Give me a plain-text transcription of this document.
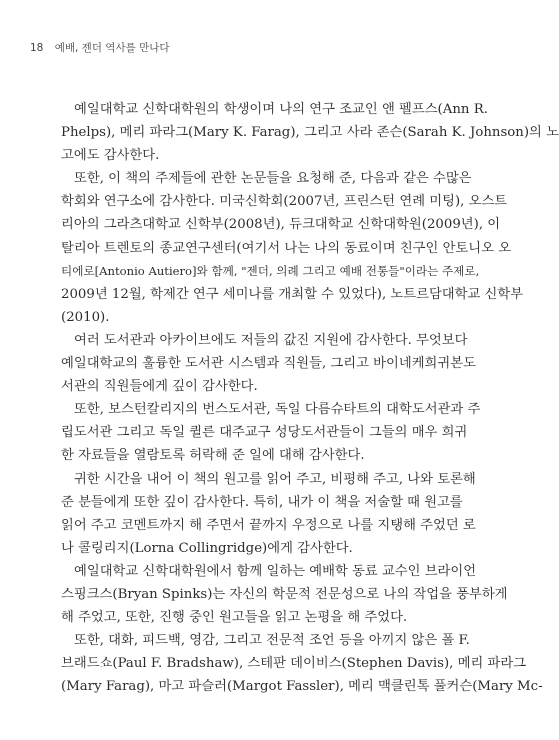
18 예배, 젠더 역사를 만나다
예일대학교 신학대학원의 학생이며 나의 연구 조교인 앤 펠프스(Ann R.
Phelps), 메리 파라그(Mary K. Farag), 그리고 사라 존슨(Sarah K. Johnson)의 노
고에도 감사한다.
또한, 이 책의 주제들에 관한 논문들을 요청해 준, 다음과 같은 수많은
학회와 연구소에 감사한다. 미국신학회(2007년, 프린스턴 연례 미팅), 오스트
리아의 그라츠대학교 신학부(2008년), 듀크대학교 신학대학원(2009년), 이
탈리아 트렌토의 종교연구센터(여기서 나는 나의 동료이며 친구인 안토니오 오
티에로[Antonio Autiero]와 함께, "젠더, 의례 그리고 예배 전통들"이라는 주제로,
2009년 12월, 학제간 연구 세미나를 개최할 수 있었다), 노트르담대학교 신학부
(2010).
여러 도서관과 아카이브에도 저들의 값진 지원에 감사한다. 무엇보다
예일대학교의 훌륭한 도서관 시스템과 직원들, 그리고 바이네케희귀본도
서관의 직원들에게 깊이 감사한다.
또한, 보스턴칼리지의 번스도서관, 독일 다름슈타트의 대학도서관과 주
립도서관 그리고 독일 퀼른 대주교구 성당도서관들이 그들의 매우 희귀
한 자료들을 열람토록 허락해 준 일에 대해 감사한다.
귀한 시간을 내어 이 책의 원고를 읽어 주고, 비평해 주고, 나와 토론해
준 분들에게 또한 깊이 감사한다. 특히, 내가 이 책을 저술할 때 원고를
읽어 주고 코멘트까지 해 주면서 끝까지 우정으로 나를 지탱해 주었던 로
나 콜링리지(Lorna Collingridge)에게 감사한다.
예일대학교 신학대학원에서 함께 일하는 예배학 동료 교수인 브라이언
스핑크스(Bryan Spinks)는 자신의 학문적 전문성으로 나의 작업을 풍부하게
해 주었고, 또한, 진행 중인 원고들을 읽고 논평을 해 주었다.
또한, 대화, 피드백, 영감, 그리고 전문적 조언 등을 아끼지 않은 폴 F.
브래드쇼(Paul F. Bradshaw), 스테판 데이비스(Stephen Davis), 메리 파라그
(Mary Farag), 마고 파슬러(Margot Fassler), 메리 맥클린톡 풀커슨(Mary Mc-
